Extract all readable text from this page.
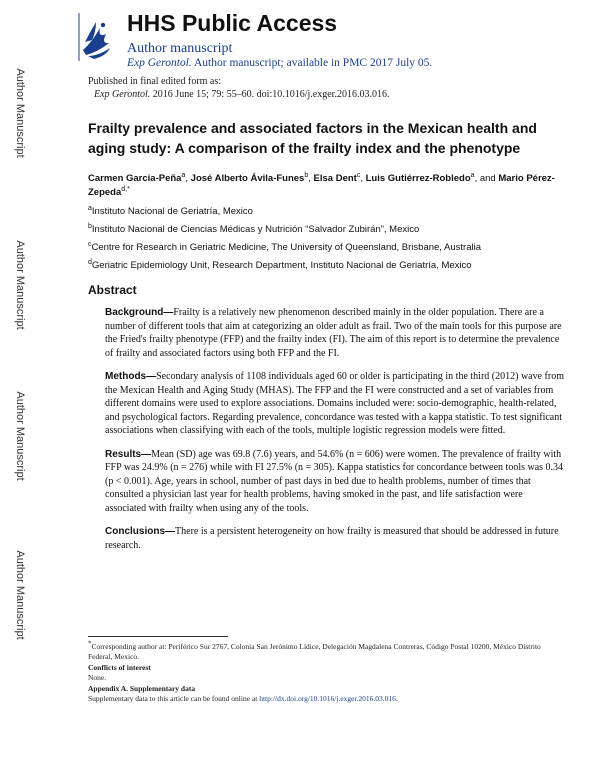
Author Manuscript
Author Manuscript
Author Manuscript
Author Manuscript
HHS Public Access
Author manuscript
Exp Gerontol. Author manuscript; available in PMC 2017 July 05.
Published in final edited form as:
Exp Gerontol. 2016 June 15; 79: 55–60. doi:10.1016/j.exger.2016.03.016.
Frailty prevalence and associated factors in the Mexican health and aging study: A comparison of the frailty index and the phenotype
Carmen García-Peña$^a$, José Alberto Ávila-Funes$^b$, Elsa Dent$^c$, Luis Gutiérrez-Robledo$^a$, and Mario Pérez-Zepeda$^{d,*}$
$^a$Instituto Nacional de Geriatría, Mexico
$^b$Instituto Nacional de Ciencias Médicas y Nutrición “Salvador Zubirán”, Mexico
$^c$Centre for Research in Geriatric Medicine, The University of Queensland, Brisbane, Australia
$^d$Geriatric Epidemiology Unit, Research Department, Instituto Nacional de Geriatría, Mexico
Abstract

Background—Frailty is a relatively new phenomenon described mainly in the older population. There are a number of different tools that aim at categorizing an older adult as frail. Two of the main tools for this purpose are the Fried's frailty phenotype (FFP) and the frailty index (FI). The aim of this report is to determine the prevalence of frailty and associated factors using both FFP and the FI.

Methods—Secondary analysis of 1108 individuals aged 60 or older is participating in the third (2012) wave from the Mexican Health and Aging Study (MHAS). The FFP and the FI were constructed and a set of variables from different domains were used to explore associations. Domains included were: socio-demographic, health-related, and psychological factors. Regarding prevalence, concordance was tested with a kappa statistic. To test significant associations when classifying with each of the tools, multiple logistic regression models were fitted.

Results—Mean (SD) age was 69.8 (7.6) years, and 54.6% (n = 606) were women. The prevalence of frailty with FFP was 24.9% (n = 276) while with FI 27.5% (n = 305). Kappa statistics for concordance between tools was 0.34 (p < 0.001). Age, years in school, number of past days in bed due to health problems, number of times that consulted a physician last year for health problems, having smoked in the past, and life satisfaction were associated with frailty when using any of the tools.

Conclusions—There is a persistent heterogeneity on how frailty is measured that should be addressed in future research.

*Corresponding author at: Periférico Sur 2767, Colonia San Jerónimo Lídice, Delegación Magdalena Contreras, Código Postal 10200, México Distrito Federal, Mexico.
Conflicts of interest
None.
Appendix A. Supplementary data
Supplementary data to this article can be found online at http://dx.doi.org/10.1016/j.exger.2016.03.016.
